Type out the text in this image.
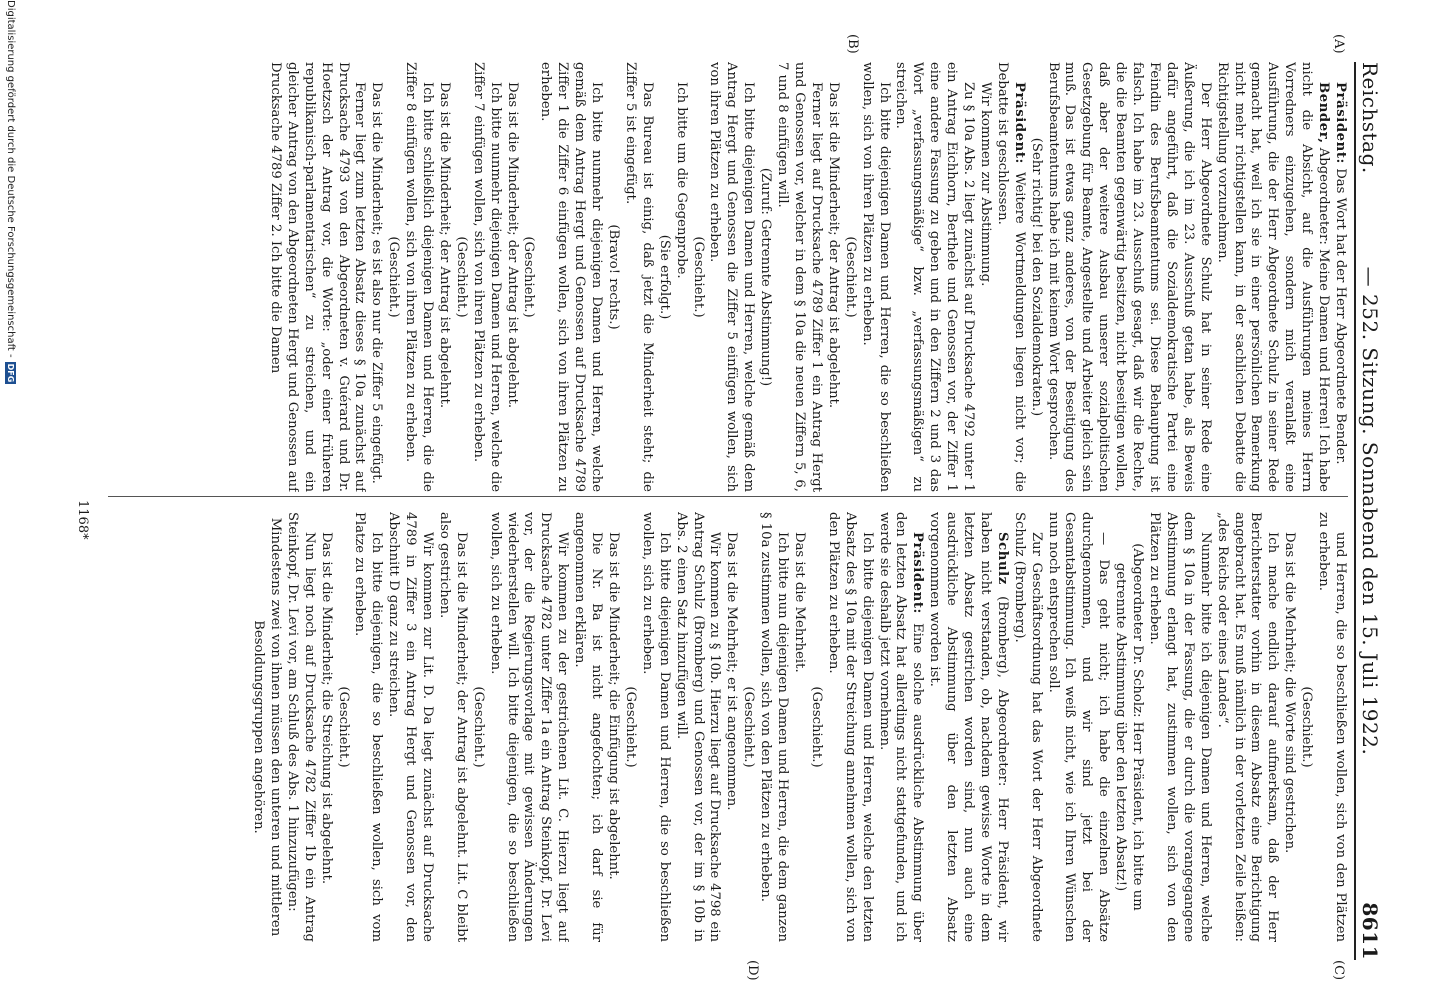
Reichstag.
— 252. Sitzung. Sonnabend den 15. Juli 1922.
8611
(A)
(B)
(C)
(D)

Präsident: Das Wort hat der Herr Abgeordnete Bender.

Bender, Abgeordneter: Meine Damen und Herren! Ich habe nicht die Absicht, auf die Ausführungen meines Herrn Vorredners einzugehen, sondern mich veranlaßt eine Ausführung, die der Herr Abgeordnete Schulz in seiner Rede gemacht hat, weil ich sie in einer persönlichen Bemerkung nicht mehr richtigstellen kann, in der sachlichen Debatte die Richtigstellung vorzunehmen.

Der Herr Abgeordnete Schulz hat in seiner Rede eine Äußerung, die ich im 23. Ausschuß getan habe, als Beweis dafür angeführt, daß die Sozialdemokratische Partei eine Feindin des Berufsbeamtentums sei. Diese Behauptung ist falsch. Ich habe im 23. Ausschuß gesagt, daß wir die Rechte, die die Beamten gegenwärtig besitzen, nicht beseitigen wollen, daß aber der weitere Ausbau unserer sozialpolitischen Gesetzgebung für Beamte, Angestellte und Arbeiter gleich sein muß. Das ist etwas ganz anderes, von der Beseitigung des Berufsbeamtentums habe ich mit keinem Wort gesprochen.

(Sehr richtig! bei den Sozialdemokraten.)

Präsident: Weitere Wortmeldungen liegen nicht vor; die Debatte ist geschlossen.

Wir kommen zur Abstimmung.

Zu § 10a Abs. 2 liegt zunächst auf Drucksache 4792 unter 1 ein Antrag Eichhorn, Berthele und Genossen vor, der Ziffer 1 eine andere Fassung zu geben und in den Ziffern 2 und 3 das Wort „verfassungsmäßige“ bzw. „verfassungsmäßigen“ zu streichen.

Ich bitte diejenigen Damen und Herren, die so beschließen wollen, sich von ihren Plätzen zu erheben.

(Geschieht.)

Das ist die Minderheit; der Antrag ist abgelehnt.

Ferner liegt auf Drucksache 4789 Ziffer 1 ein Antrag Hergt und Genossen vor, welcher in dem § 10a die neuen Ziffern 5, 6, 7 und 8 einfügen will.

(Zuruf: Getrennte Abstimmung!)

Ich bitte diejenigen Damen und Herren, welche gemäß dem Antrag Hergt und Genossen die Ziffer 5 einfügen wollen, sich von ihren Plätzen zu erheben.

(Geschieht.)

Ich bitte um die Gegenprobe.

(Sie erfolgt.)

Das Bureau ist einig, daß jetzt die Minderheit steht; die Ziffer 5 ist eingefügt.

(Bravo! rechts.)

Ich bitte nunmehr diejenigen Damen und Herren, welche gemäß dem Antrag Hergt und Genossen auf Drucksache 4789 Ziffer 1 die Ziffer 6 einfügen wollen, sich von ihren Plätzen zu erheben.

(Geschieht.)

Das ist die Minderheit; der Antrag ist abgelehnt.

Ich bitte nunmehr diejenigen Damen und Herren, welche die Ziffer 7 einfügen wollen, sich von ihren Plätzen zu erheben.

(Geschieht.)

Das ist die Minderheit; der Antrag ist abgelehnt.

Ich bitte schließlich diejenigen Damen und Herren, die die Ziffer 8 einfügen wollen, sich von ihren Plätzen zu erheben.

(Geschieht.)

Das ist die Minderheit; es ist also nur die Ziffer 5 eingefügt.

Ferner liegt zum letzten Absatz dieses § 10a zunächst auf Drucksache 4793 von den Abgeordneten v. Guérard und Dr. Hoetzsch der Antrag vor, die Worte: „oder einer früheren republikanisch-parlamentarischen“ zu streichen, und ein gleicher Antrag von den Abgeordneten Hergt und Genossen auf Drucksache 4789 Ziffer 2. Ich bitte die Damen

und Herren, die so beschließen wollen, sich von den Plätzen zu erheben.

(Geschieht.)

Das ist die Mehrheit; die Worte sind gestrichen.

Ich mache endlich darauf aufmerksam, daß der Herr Berichterstatter vorhin in diesem Absatz eine Berichtigung angebracht hat. Es muß nämlich in der vorletzten Zeile heißen: „des Reichs oder eines Landes“.

Nunmehr bitte ich diejenigen Damen und Herren, welche dem § 10a in der Fassung, die er durch die vorangegangene Abstimmung erlangt hat, zustimmen wollen, sich von den Plätzen zu erheben.

(Abgeordneter Dr. Scholz: Herr Präsident, ich bitte um getrennte Abstimmung über den letzten Absatz!)

— Das geht nicht; ich habe die einzelnen Absätze durchgenommen, und wir sind jetzt bei der Gesamtabstimmung. Ich weiß nicht, wie ich Ihren Wünschen nun noch entsprechen soll.

Zur Geschäftsordnung hat das Wort der Herr Abgeordnete Schulz (Bromberg).

Schulz (Bromberg), Abgeordneter: Herr Präsident, wir haben nicht verstanden, ob, nachdem gewisse Worte in dem letzten Absatz gestrichen worden sind, nun auch eine ausdrückliche Abstimmung über den letzten Absatz vorgenommen worden ist.

Präsident: Eine solche ausdrückliche Abstimmung über den letzten Absatz hat allerdings nicht stattgefunden, und ich werde sie deshalb jetzt vornehmen.

Ich bitte diejenigen Damen und Herren, welche den letzten Absatz des § 10a mit der Streichung annehmen wollen, sich von den Plätzen zu erheben.

(Geschieht.)

Das ist die Mehrheit.

Ich bitte nun diejenigen Damen und Herren, die dem ganzen § 10a zustimmen wollen, sich von den Plätzen zu erheben.

(Geschieht.)

Das ist die Mehrheit; er ist angenommen.

Wir kommen zu § 10b. Hierzu liegt auf Drucksache 4798 ein Antrag Schulz (Bromberg) und Genossen vor, der im § 10b in Abs. 2 einen Satz hinzufügen will.

Ich bitte diejenigen Damen und Herren, die so beschließen wollen, sich zu erheben.

(Geschieht.)

Das ist die Minderheit; die Einfügung ist abgelehnt.

Die Nr. Ba ist nicht angefochten; ich darf sie für angenommen erklären.

Wir kommen zu der gestrichenen Lit. C. Hierzu liegt auf Drucksache 4782 unter Ziffer 1a ein Antrag Steinkopf, Dr. Levi vor, der die Regierungsvorlage mit gewissen Änderungen wiederherstellen will. Ich bitte diejenigen, die so beschließen wollen, sich zu erheben.

(Geschieht.)

Das ist die Minderheit; der Antrag ist abgelehnt. Lit. C bleibt also gestrichen.

Wir kommen zur Lit. D. Da liegt zunächst auf Drucksache 4789 in Ziffer 3 ein Antrag Hergt und Genossen vor, den Abschnitt D ganz zu streichen.

Ich bitte diejenigen, die so beschließen wollen, sich vom Platze zu erheben.

(Geschieht.)

Das ist die Minderheit; die Streichung ist abgelehnt.

Nun liegt noch auf Drucksache 4782 Ziffer 1b ein Antrag Steinkopf, Dr. Levi vor, am Schluß des Abs. 1 hinzuzufügen:

Mindestens zwei von ihnen müssen den unteren und mittleren Besoldungsgruppen angehören.

1168*
Digitalisierung gefördert durch die Deutsche Forschungsgemeinschaft -DFG
